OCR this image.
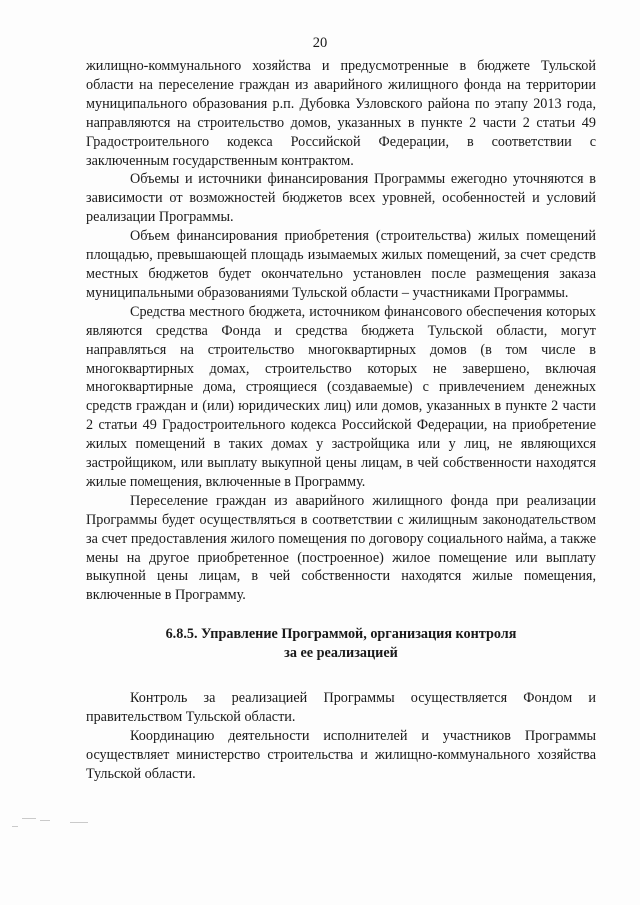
20

жилищно-коммунального хозяйства и предусмотренные в бюджете Тульской области на переселение граждан из аварийного жилищного фонда на территории муниципального образования р.п. Дубовка Узловского района по этапу 2013 года, направляются на строительство домов, указанных в пункте 2 части 2 статьи 49 Градостроительного кодекса Российской Федерации, в соответствии с заключенным государственным контрактом.

Объемы и источники финансирования Программы ежегодно уточняются в зависимости от возможностей бюджетов всех уровней, особенностей и условий реализации Программы.

Объем финансирования приобретения (строительства) жилых помещений площадью, превышающей площадь изымаемых жилых помещений, за счет средств местных бюджетов будет окончательно установлен после размещения заказа муниципальными образованиями Тульской области – участниками Программы.

Средства местного бюджета, источником финансового обеспечения которых являются средства Фонда и средства бюджета Тульской области, могут направляться на строительство многоквартирных домов (в том числе в многоквартирных домах, строительство которых не завершено, включая многоквартирные дома, строящиеся (создаваемые) с привлечением денежных средств граждан и (или) юридических лиц) или домов, указанных в пункте 2 части 2 статьи 49 Градостроительного кодекса Российской Федерации, на приобретение жилых помещений в таких домах у застройщика или у лиц, не являющихся застройщиком, или выплату выкупной цены лицам, в чей собственности находятся жилые помещения, включенные в Программу.

Переселение граждан из аварийного жилищного фонда при реализации Программы будет осуществляться в соответствии с жилищным законодательством за счет предоставления жилого помещения по договору социального найма, а также мены на другое приобретенное (построенное) жилое помещение или выплату выкупной цены лицам, в чей собственности находятся жилые помещения, включенные в Программу.

6.8.5. Управление Программой, организация контроля
за ее реализацией

Контроль за реализацией Программы осуществляется Фондом и правительством Тульской области.

Координацию деятельности исполнителей и участников Программы осуществляет министерство строительства и жилищно-коммунального хозяйства Тульской области.
